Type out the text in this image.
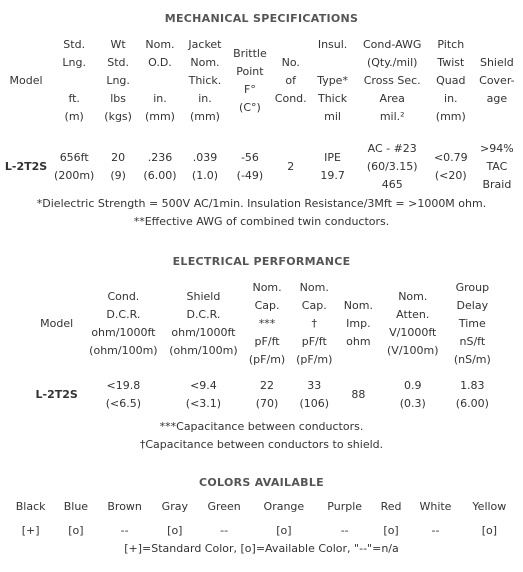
MECHANICAL SPECIFICATIONS
Model	Std.
Lng.

ft.
(m)	Wt
Std.
Lng.
lbs
(kgs)	Nom.
O.D.

in.
(mm)	Jacket
Nom.
Thick.
in.
(mm)	Brittle
Point
F°
(C°)	No.
of
Cond.	Insul.

Type*
Thick
mil	Cond-AWG
(Qty./mil)
Cross Sec.
Area
mil.²	Pitch
Twist
Quad
in.
(mm)	Shield
Cover-
age

L-2T2S	656ft
(200m)	20
(9)	.236
(6.00)	.039
(1.0)	-56
(-49)	2	IPE
19.7	AC - #23
(60/3.15)
465	<0.79
(<20)	>94%
TAC
Braid
*Dielectric Strength = 500V AC/1min. Insulation Resistance/3Mft = >1000M ohm.
**Effective AWG of combined twin conductors.
ELECTRICAL PERFORMANCE
Model	Cond.
D.C.R.
ohm/1000ft
(ohm/100m)	Shield
D.C.R.
ohm/1000ft
(ohm/100m)	Nom.
Cap.
***
pF/ft
(pF/m)	Nom.
Cap.
†
pF/ft
(pF/m)	Nom.
Imp.
ohm	Nom.
Atten.
V/1000ft
(V/100m)	Group
Delay
Time
nS/ft
(nS/m)

L-2T2S	<19.8
(<6.5)	<9.4
(<3.1)	22
(70)	33
(106)	88	0.9
(0.3)	1.83
(6.00)
***Capacitance between conductors.
†Capacitance between conductors to shield.
COLORS AVAILABLE
Black	Blue	Brown	Gray	Green	Orange	Purple	Red	White	Yellow

[+]	[o]	--	[o]	--	[o]	--	[o]	--	[o]
[+]=Standard Color, [o]=Available Color, "--"=n/a
